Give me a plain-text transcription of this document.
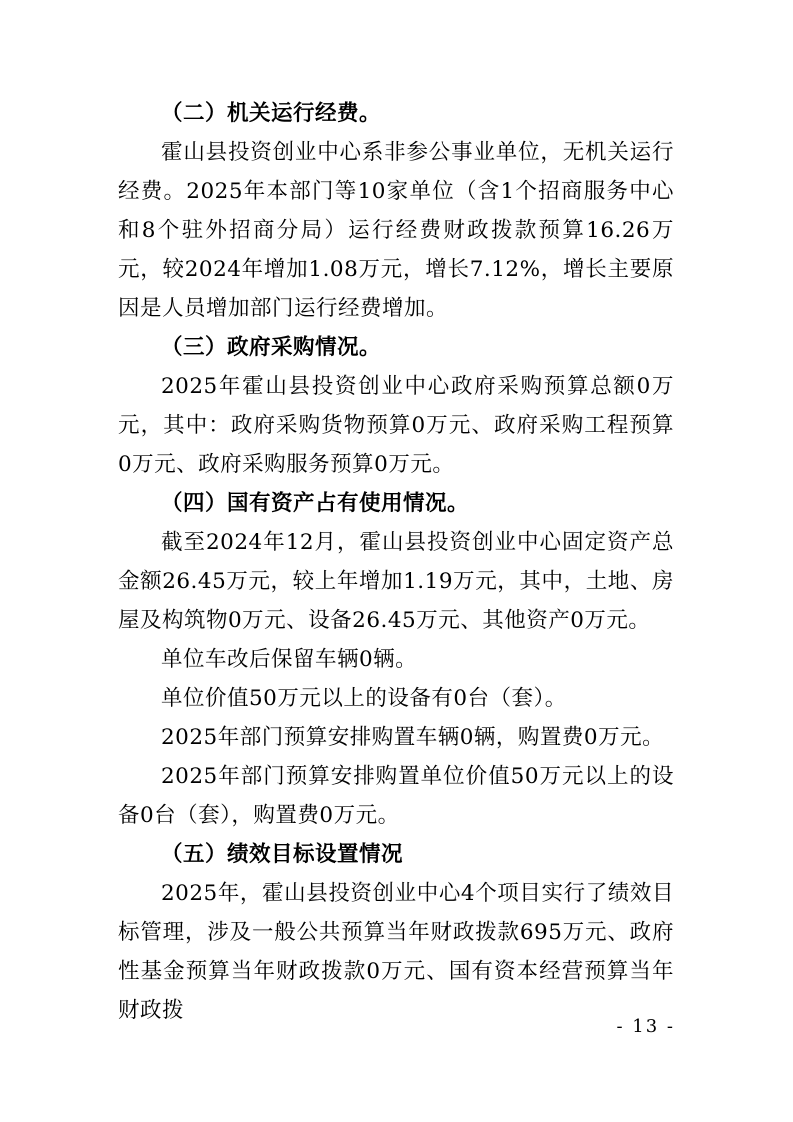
（二）机关运行经费。

霍山县投资创业中心系非参公事业单位，无机关运行经费。2025年本部门等10家单位（含1个招商服务中心和8个驻外招商分局）运行经费财政拨款预算16.26万元，较2024年增加1.08万元，增长7.12%，增长主要原因是人员增加部门运行经费增加。

（三）政府采购情况。

2025年霍山县投资创业中心政府采购预算总额0万元，其中：政府采购货物预算0万元、政府采购工程预算0万元、政府采购服务预算0万元。

（四）国有资产占有使用情况。

截至2024年12月，霍山县投资创业中心固定资产总金额26.45万元，较上年增加1.19万元，其中，土地、房屋及构筑物0万元、设备26.45万元、其他资产0万元。

单位车改后保留车辆0辆。

单位价值50万元以上的设备有0台（套）。

2025年部门预算安排购置车辆0辆，购置费0万元。

2025年部门预算安排购置单位价值50万元以上的设备0台（套），购置费0万元。

（五）绩效目标设置情况

2025年，霍山县投资创业中心4个项目实行了绩效目标管理，涉及一般公共预算当年财政拨款695万元、政府性基金预算当年财政拨款0万元、国有资本经营预算当年财政拨

- 13 -
